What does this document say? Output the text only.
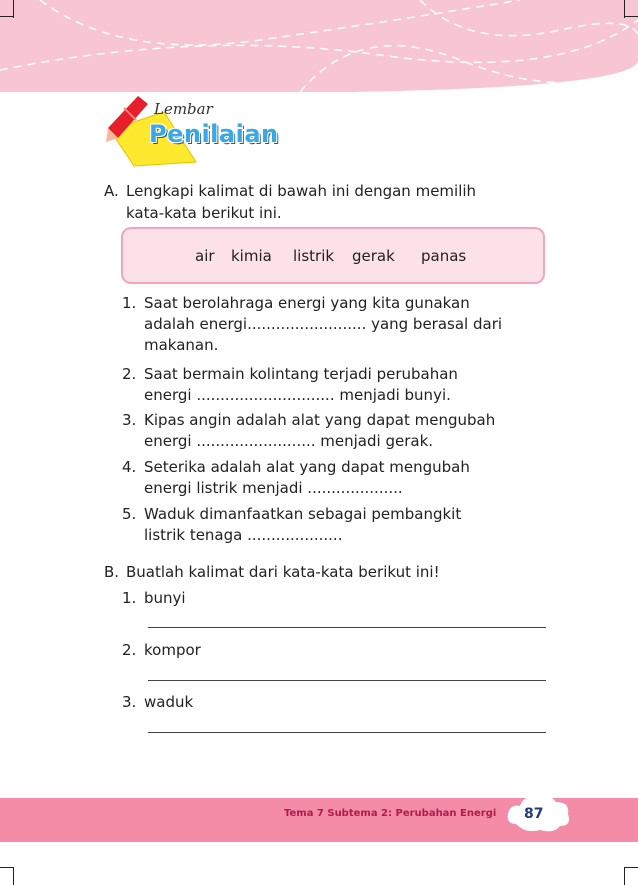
Lembar
Penilaian
A. Lengkapi kalimat di bawah ini dengan memilih
kata-kata berikut ini.
air kimia listrik gerak panas
1. Saat berolahraga energi yang kita gunakan
adalah energi......................... yang berasal dari
makanan.
2. Saat bermain kolintang terjadi perubahan
energi ............................. menjadi bunyi.
3. Kipas angin adalah alat yang dapat mengubah
energi ......................... menjadi gerak.
4. Seterika adalah alat yang dapat mengubah
energi listrik menjadi ....................
5. Waduk dimanfaatkan sebagai pembangkit
listrik tenaga ....................
B. Buatlah kalimat dari kata-kata berikut ini!
1. bunyi
2. kompor
3. waduk
Tema 7 Subtema 2: Perubahan Energi 87
